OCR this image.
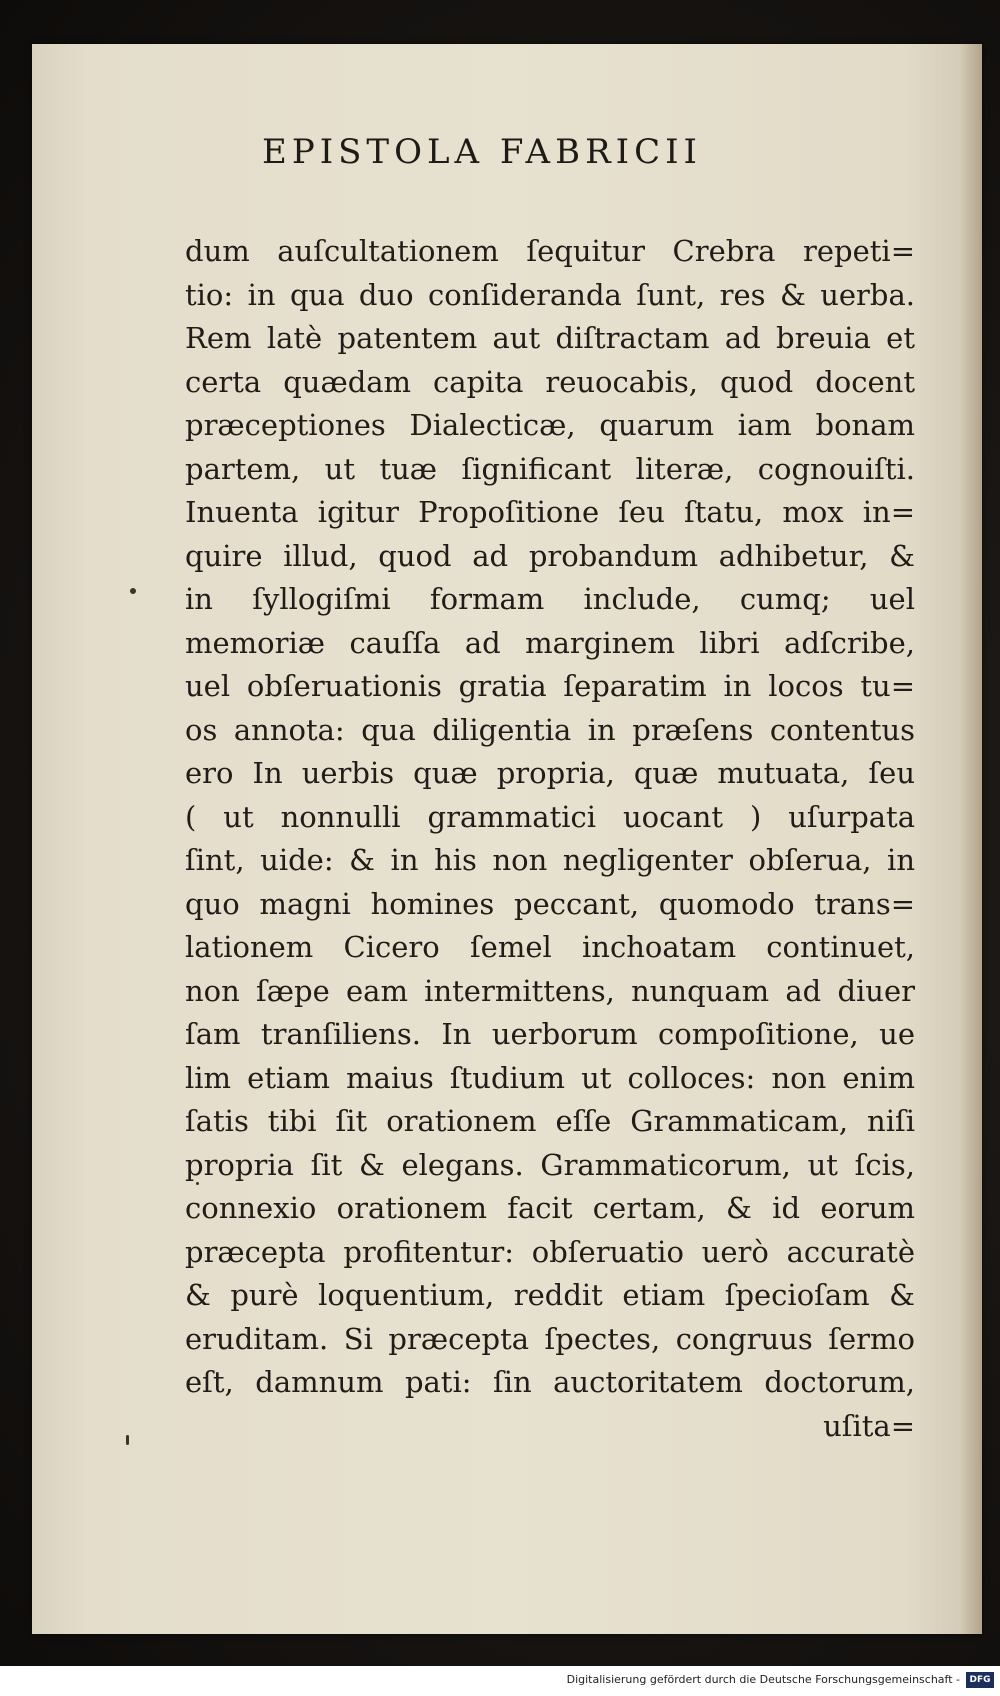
EPISTOLA FABRICII
dum auſcultationem ſequitur Crebra repeti=
tio: in qua duo conſideranda ſunt, res & uerba.
Rem latè patentem aut diſtractam ad breuia et
certa quædam capita reuocabis, quod docent
præceptiones Dialecticæ, quarum iam bonam
partem, ut tuæ ſignificant literæ, cognouiſti.
Inuenta igitur Propoſitione ſeu ſtatu, mox in=
quire illud, quod ad probandum adhibetur, &
in ſyllogiſmi formam include, cumq; uel
memoriæ cauſſa ad marginem libri adſcribe,
uel obſeruationis gratia ſeparatim in locos tu=
os annota: qua diligentia in præſens contentus
ero In uerbis quæ propria, quæ mutuata, ſeu
( ut nonnulli grammatici uocant ) uſurpata
ſint, uide: & in his non negligenter obſerua, in
quo magni homines peccant, quomodo trans=
lationem Cicero ſemel inchoatam continuet,
non ſæpe eam intermittens, nunquam ad diuer
ſam tranſiliens. In uerborum compoſitione, ue
lim etiam maius ſtudium ut colloces: non enim
ſatis tibi ſit orationem eſſe Grammaticam, niſi
propria ſit & elegans. Grammaticorum, ut ſcis,
connexio orationem facit certam, & id eorum
præcepta profitentur: obſeruatio uerò accuratè
& purè loquentium, reddit etiam ſpecioſam &
eruditam. Si præcepta ſpectes, congruus ſermo
eſt, damnum pati: ſin auctoritatem doctorum,
uſita=
Digitalisierung gefördert durch die Deutsche Forschungsgemeinschaft -	DFG
